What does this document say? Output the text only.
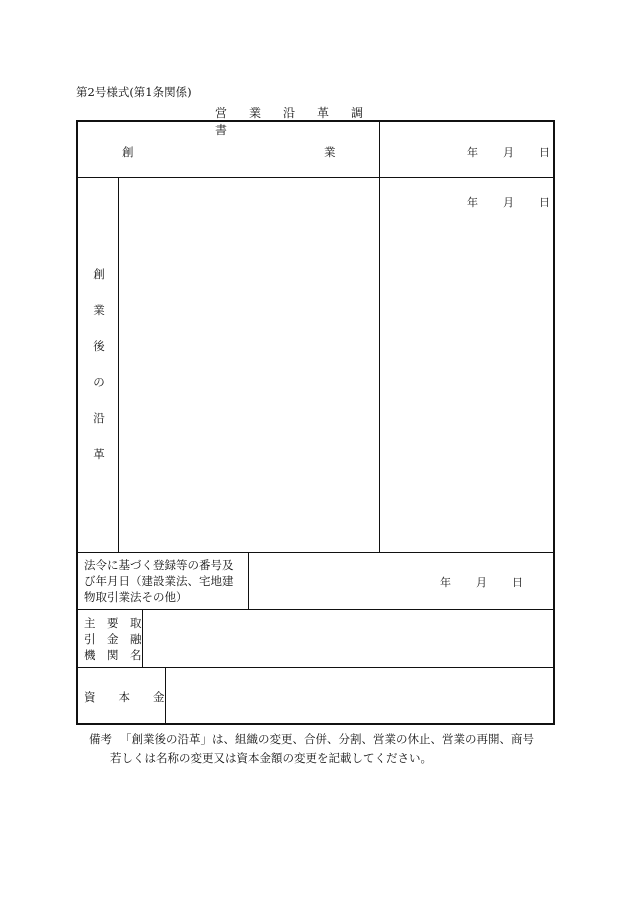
第2号様式(第1条関係)
営 業 沿 革 調書
創	業	年 月 日
創
業
後
の
沿
革
年 月 日
法令に基づく登録等の番号及
び年月日（建設業法、宅地建
物取引業法その他）
年 月 日
主　要　取
引　金　融
機　関　名
資　　本　　金
備考 「創業後の沿革」は、組織の変更、合併、分割、営業の休止、営業の再開、商号
若しくは名称の変更又は資本金額の変更を記載してください。
